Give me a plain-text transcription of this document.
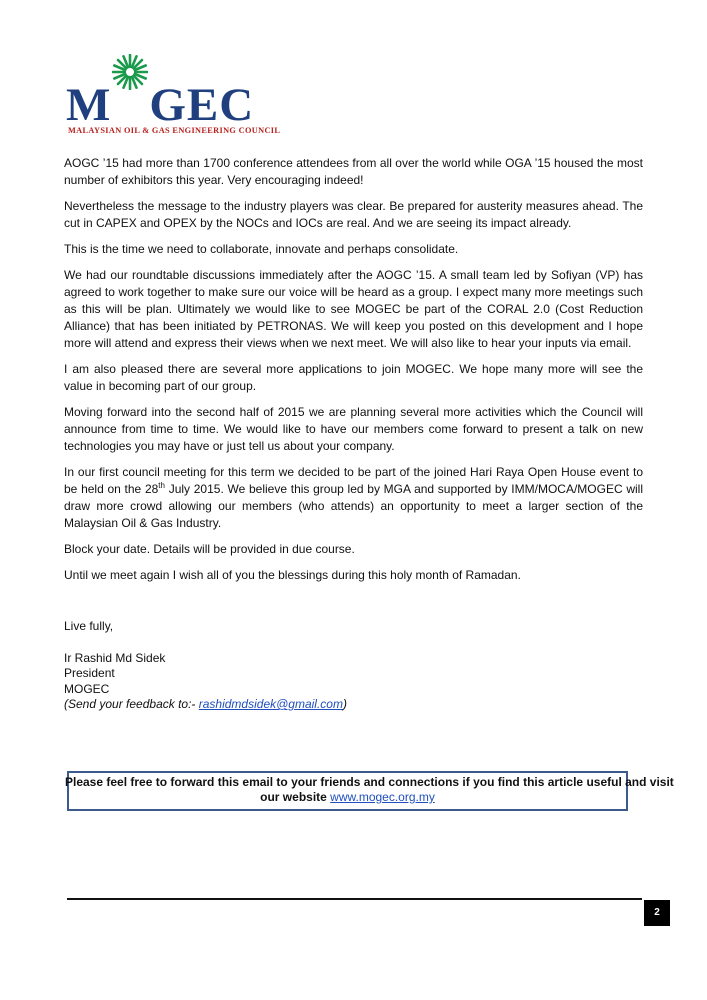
M GEC
MALAYSIAN OIL & GAS ENGINEERING COUNCIL

AOGC ’15 had more than 1700 conference attendees from all over the world while OGA ’15 housed the most number of exhibitors this year. Very encouraging indeed!

Nevertheless the message to the industry players was clear. Be prepared for austerity measures ahead. The cut in CAPEX and OPEX by the NOCs and IOCs are real. And we are seeing its impact already.

This is the time we need to collaborate, innovate and perhaps consolidate.

We had our roundtable discussions immediately after the AOGC ’15. A small team led by Sofiyan (VP) has agreed to work together to make sure our voice will be heard as a group. I expect many more meetings such as this will be plan. Ultimately we would like to see MOGEC be part of the CORAL 2.0 (Cost Reduction Alliance) that has been initiated by PETRONAS. We will keep you posted on this development and I hope more will attend and express their views when we next meet. We will also like to hear your inputs via email.

I am also pleased there are several more applications to join MOGEC. We hope many more will see the value in becoming part of our group.

Moving forward into the second half of 2015 we are planning several more activities which the Council will announce from time to time. We would like to have our members come forward to present a talk on new technologies you may have or just tell us about your company.

In our first council meeting for this term we decided to be part of the joined Hari Raya Open House event to be held on the 28th July 2015. We believe this group led by MGA and supported by IMM/MOCA/MOGEC will draw more crowd allowing our members (who attends) an opportunity to meet a larger section of the Malaysian Oil & Gas Industry.

Block your date. Details will be provided in due course.

Until we meet again I wish all of you the blessings during this holy month of Ramadan.

Live fully,
Ir Rashid Md Sidek
President
MOGEC
(Send your feedback to:- rashidmdsidek@gmail.com)
Please feel free to forward this email to your friends and connections if you find this article useful and visit
our website www.mogec.org.my
2
